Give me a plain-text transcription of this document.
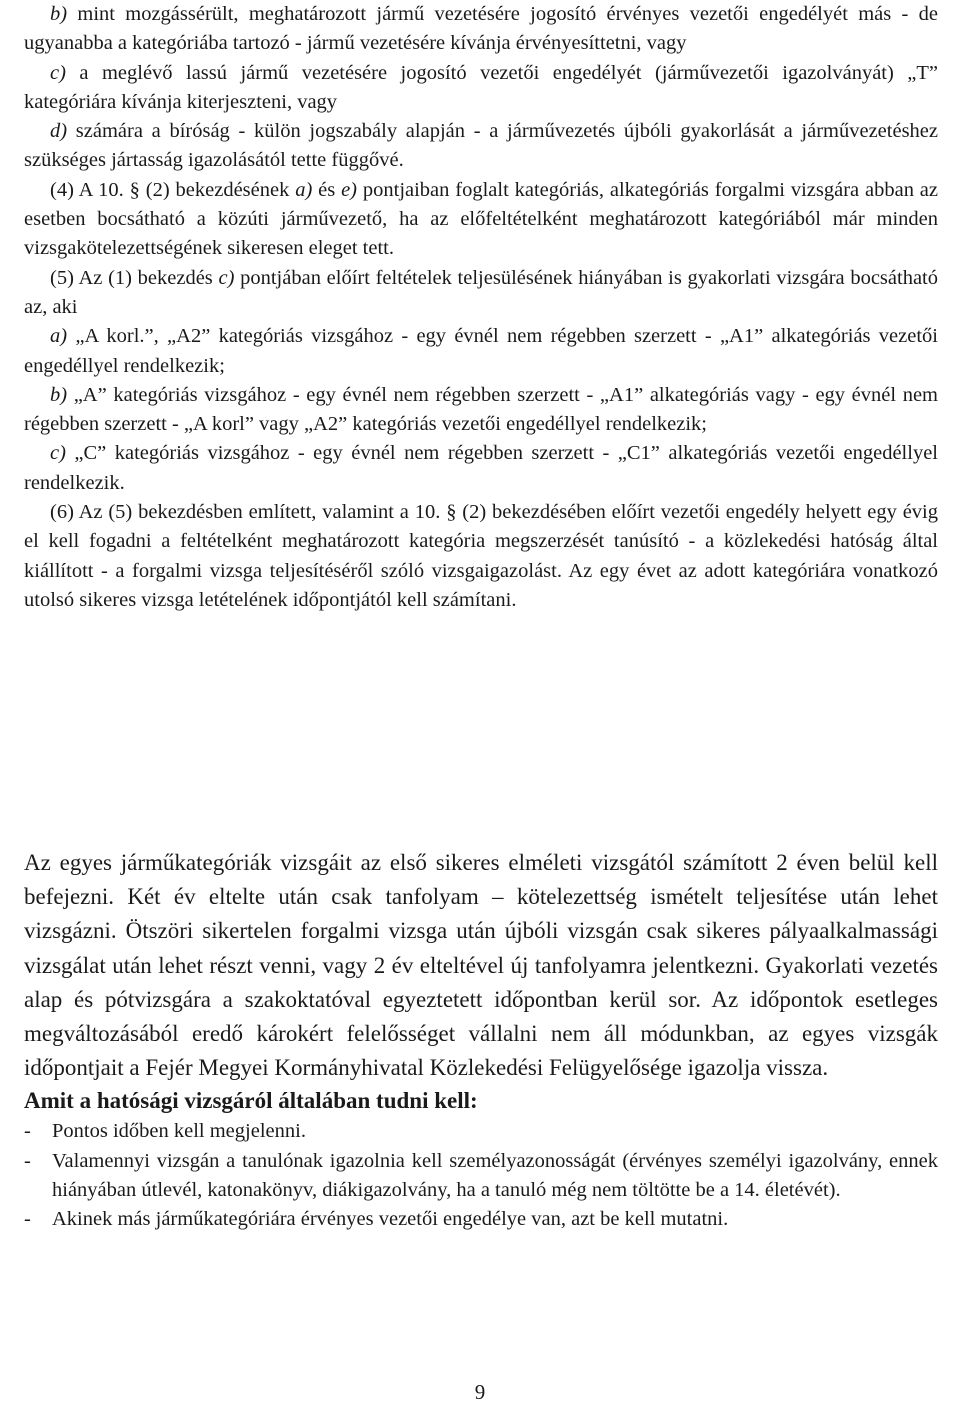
b) mint mozgássérült, meghatározott jármű vezetésére jogosító érvényes vezetői engedélyét más - de ugyanabba a kategóriába tartozó - jármű vezetésére kívánja érvényesíttetni, vagy

c) a meglévő lassú jármű vezetésére jogosító vezetői engedélyét (járművezetői igazolványát) „T” kategóriára kívánja kiterjeszteni, vagy

d) számára a bíróság - külön jogszabály alapján - a járművezetés újbóli gyakorlását a járművezetéshez szükséges jártasság igazolásától tette függővé.

(4) A 10. § (2) bekezdésének a) és e) pontjaiban foglalt kategóriás, alkategóriás forgalmi vizsgára abban az esetben bocsátható a közúti járművezető, ha az előfeltételként meghatározott kategóriából már minden vizsgakötelezettségének sikeresen eleget tett.

(5) Az (1) bekezdés c) pontjában előírt feltételek teljesülésének hiányában is gyakorlati vizsgára bocsátható az, aki

a) „A korl.”, „A2” kategóriás vizsgához - egy évnél nem régebben szerzett - „A1” alkategóriás vezetői engedéllyel rendelkezik;

b) „A” kategóriás vizsgához - egy évnél nem régebben szerzett - „A1” alkategóriás vagy - egy évnél nem régebben szerzett - „A korl” vagy „A2” kategóriás vezetői engedéllyel rendelkezik;

c) „C” kategóriás vizsgához - egy évnél nem régebben szerzett - „C1” alkategóriás vezetői engedéllyel rendelkezik.

(6) Az (5) bekezdésben említett, valamint a 10. § (2) bekezdésében előírt vezetői engedély helyett egy évig el kell fogadni a feltételként meghatározott kategória megszerzését tanúsító - a közlekedési hatóság által kiállított - a forgalmi vizsga teljesítéséről szóló vizsgaigazolást. Az egy évet az adott kategóriára vonatkozó utolsó sikeres vizsga letételének időpontjától kell számítani.

Az egyes járműkategóriák vizsgáit az első sikeres elméleti vizsgától számított 2 éven belül kell befejezni. Két év eltelte után csak tanfolyam – kötelezettség ismételt teljesítése után lehet vizsgázni. Ötszöri sikertelen forgalmi vizsga után újbóli vizsgán csak sikeres pályaalkalmassági vizsgálat után lehet részt venni, vagy 2 év elteltével új tanfolyamra jelentkezni. Gyakorlati vezetés alap és pótvizsgára a szakoktatóval egyeztetett időpontban kerül sor. Az időpontok esetleges megváltozásából eredő károkért felelősséget vállalni nem áll módunkban, az egyes vizsgák időpontjait a Fejér Megyei Kormányhivatal Közlekedési Felügyelősége igazolja vissza.

Amit a hatósági vizsgáról általában tudni kell:

-	Pontos időben kell megjelenni.
-	Valamennyi vizsgán a tanulónak igazolnia kell személyazonosságát (érvényes személyi igazolvány, ennek hiányában útlevél, katonakönyv, diákigazolvány, ha a tanuló még nem töltötte be a 14. életévét).
-	Akinek más járműkategóriára érvényes vezetői engedélye van, azt be kell mutatni.
9
